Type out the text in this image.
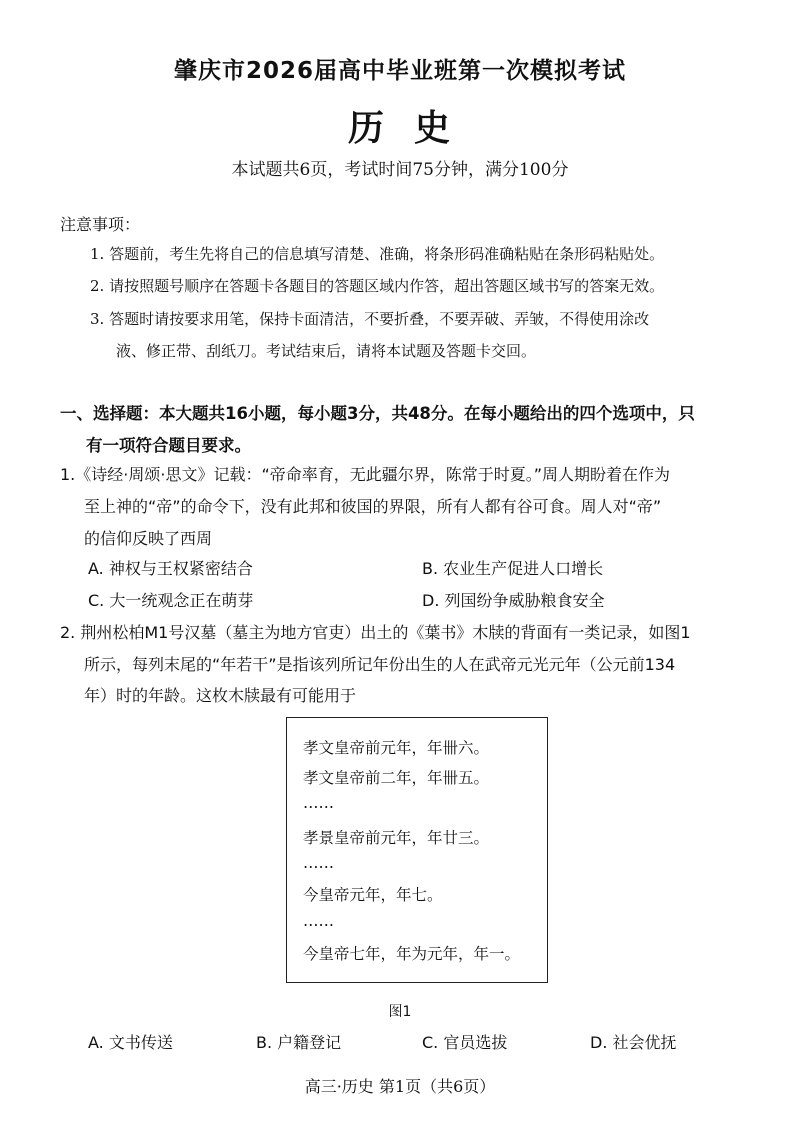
肇庆市2026届高中毕业班第一次模拟考试
历 史
本试题共6页，考试时间75分钟，满分100分
注意事项：
1. 答题前，考生先将自己的信息填写清楚、准确，将条形码准确粘贴在条形码粘贴处。
2. 请按照题号顺序在答题卡各题目的答题区域内作答，超出答题区域书写的答案无效。
3. 答题时请按要求用笔，保持卡面清洁，不要折叠，不要弄破、弄皱，不得使用涂改
液、修正带、刮纸刀。考试结束后，请将本试题及答题卡交回。
一、选择题：本大题共16小题，每小题3分，共48分。在每小题给出的四个选项中，只
有一项符合题目要求。
1.《诗经·周颂·思文》记载：“帝命率育，无此疆尔界，陈常于时夏。”周人期盼着在作为
至上神的“帝”的命令下，没有此邦和彼国的界限，所有人都有谷可食。周人对“帝”
的信仰反映了西周
A. 神权与王权紧密结合	B. 农业生产促进人口增长
C. 大一统观念正在萌芽	D. 列国纷争威胁粮食安全
2. 荆州松柏M1号汉墓（墓主为地方官吏）出土的《葉书》木牍的背面有一类记录，如图1
所示，每列末尾的“年若干”是指该列所记年份出生的人在武帝元光元年（公元前134
年）时的年龄。这枚木牍最有可能用于
孝文皇帝前元年，年卌六。
孝文皇帝前二年，年卌五。
……
孝景皇帝前元年，年廿三。
……
今皇帝元年，年七。
……
今皇帝七年，年为元年，年一。
图1
A. 文书传送	B. 户籍登记	C. 官员选拔	D. 社会优抚
高三·历史 第1页（共6页）
